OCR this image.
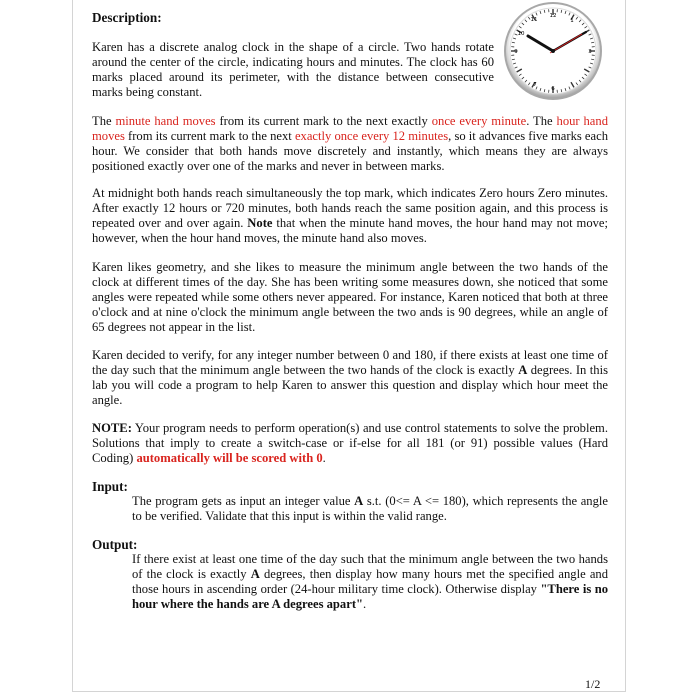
Description:
Karen has a discrete analog clock in the shape of a circle. Two hands rotate around the center of the circle, indicating hours and minutes. The clock has 60 marks placed around its perimeter, with the distance between consecutive marks being constant.
12
1
3
6
7
9
10
11
The minute hand moves from its current mark to the next exactly once every minute. The hour hand moves from its current mark to the next exactly once every 12 minutes, so it advances five marks each hour. We consider that both hands move discretely and instantly, which means they are always positioned exactly over one of the marks and never in between marks.
At midnight both hands reach simultaneously the top mark, which indicates Zero hours Zero minutes. After exactly 12 hours or 720 minutes, both hands reach the same position again, and this process is repeated over and over again. Note that when the minute hand moves, the hour hand may not move; however, when the hour hand moves, the minute hand also moves.
Karen likes geometry, and she likes to measure the minimum angle between the two hands of the clock at different times of the day. She has been writing some measures down, she noticed that some angles were repeated while some others never appeared. For instance, Karen noticed that both at three o'clock and at nine o'clock the minimum angle between the two ands is 90 degrees, while an angle of 65 degrees not appear in the list.
Karen decided to verify, for any integer number between 0 and 180, if there exists at least one time of the day such that the minimum angle between the two hands of the clock is exactly A degrees. In this lab you will code a program to help Karen to answer this question and display which hour meet the angle.
NOTE: Your program needs to perform operation(s) and use control statements to solve the problem. Solutions that imply to create a switch-case or if-else for all 181 (or 91) possible values (Hard Coding) automatically will be scored with 0.
Input:
The program gets as input an integer value A s.t. (0<= A <= 180), which represents the angle to be verified. Validate that this input is within the valid range.
Output:
If there exist at least one time of the day such that the minimum angle between the two hands of the clock is exactly A degrees, then display how many hours met the specified angle and those hours in ascending order (24-hour military time clock). Otherwise display "There is no hour where the hands are A degrees apart".
1/2
